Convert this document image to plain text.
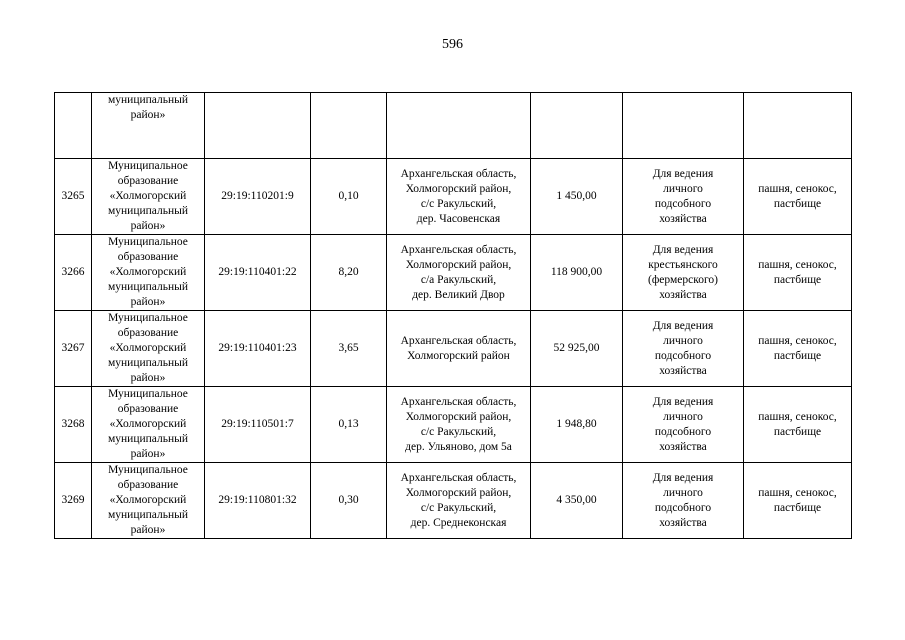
596

	муниципальный
район»						

3265	Муниципальное
образование
«Холмогорский
муниципальный
район»	29:19:110201:9	0,10	Архангельская область,
Холмогорский район,
с/с Ракульский,
дер. Часовенская	1 450,00	Для ведения
личного
подсобного
хозяйства	пашня, сенокос,
пастбище

3266	Муниципальное
образование
«Холмогорский
муниципальный
район»	29:19:110401:22	8,20	Архангельская область,
Холмогорский район,
с/а Ракульский,
дер. Великий Двор	118 900,00	Для ведения
крестьянского
(фермерского)
хозяйства	пашня, сенокос,
пастбище

3267	Муниципальное
образование
«Холмогорский
муниципальный
район»	29:19:110401:23	3,65	Архангельская область,
Холмогорский район	52 925,00	Для ведения
личного
подсобного
хозяйства	пашня, сенокос,
пастбище

3268	Муниципальное
образование
«Холмогорский
муниципальный
район»	29:19:110501:7	0,13	Архангельская область,
Холмогорский район,
с/с Ракульский,
дер. Ульяново, дом 5а	1 948,80	Для ведения
личного
подсобного
хозяйства	пашня, сенокос,
пастбище

3269	Муниципальное
образование
«Холмогорский
муниципальный
район»	29:19:110801:32	0,30	Архангельская область,
Холмогорский район,
с/с Ракульский,
дер. Среднеконская	4 350,00	Для ведения
личного
подсобного
хозяйства	пашня, сенокос,
пастбище
